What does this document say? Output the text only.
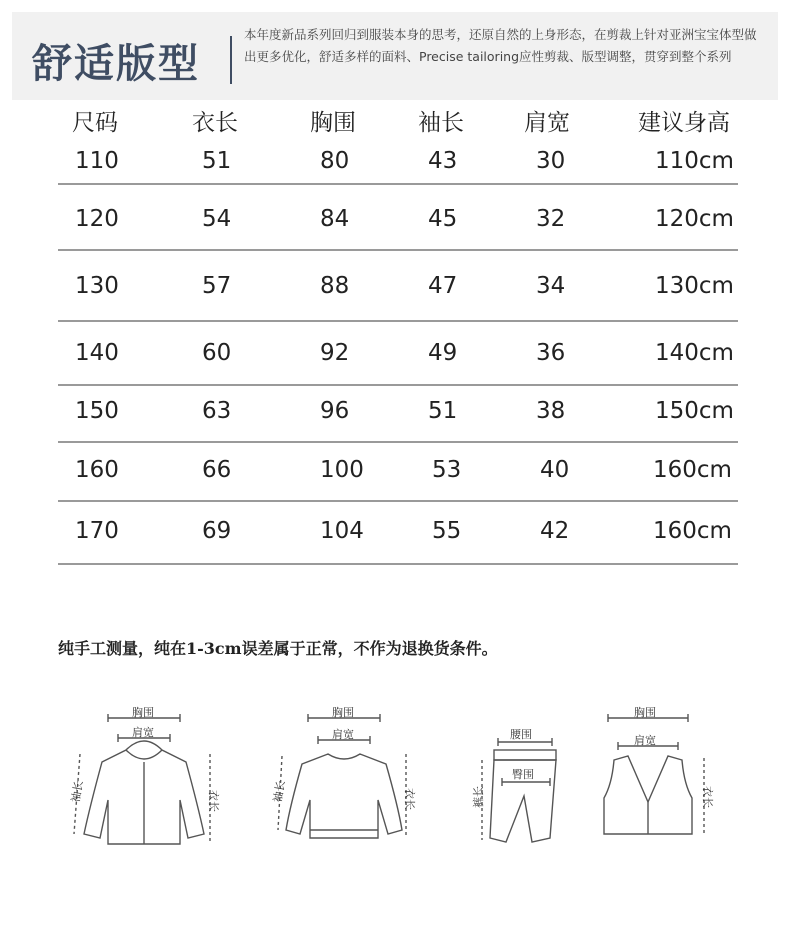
舒适版型
本年度新品系列回归到服装本身的思考，还原自然的上身形态，在剪裁上针对亚洲宝宝体型做出更多优化，舒适多样的面料、Precise tailoring应性剪裁、版型调整，贯穿到整个系列
尺码	衣长	胸围	袖长	肩宽	建议身高
110	51	80	43	30	110cm
120	54	84	45	32	120cm
130	57	88	47	34	130cm
140	60	92	49	36	140cm
150	63	96	51	38	150cm
160	66	100	53	40	160cm
170	69	104	55	42	160cm
纯手工测量，纯在1-3cm误差属于正常，不作为退换货条件。
胸围
肩宽
袖长	衣长
胸围
肩宽
袖长	衣长
腰围
臀围
裤长
胸围
肩宽
衣长
